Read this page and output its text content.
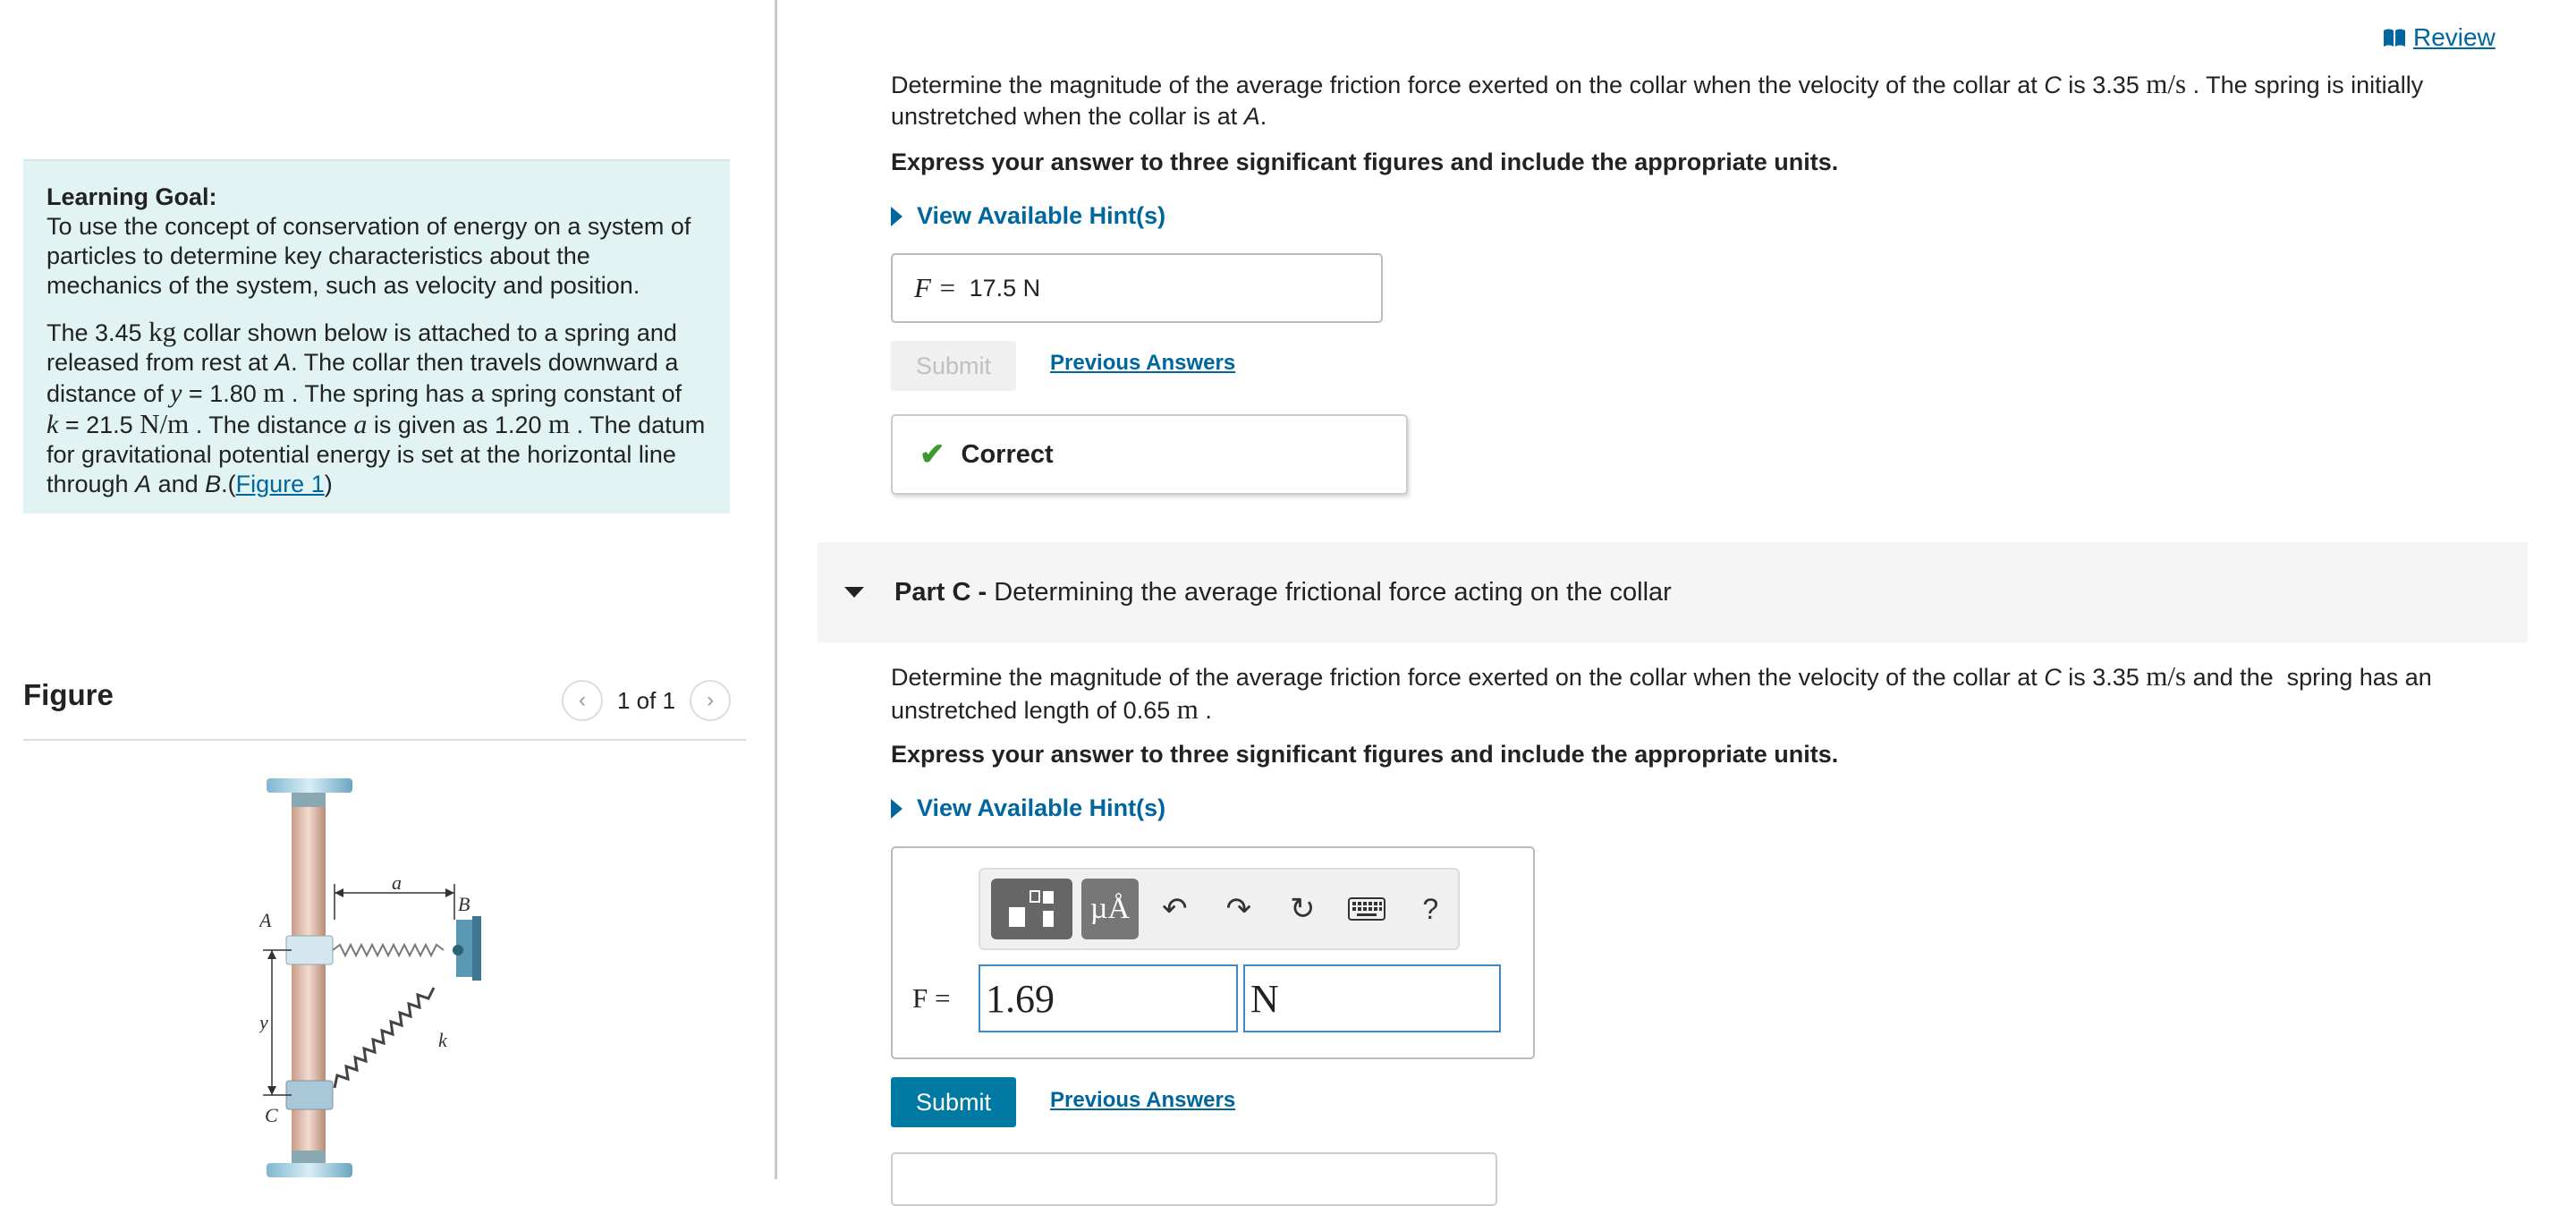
Learning Goal:
To use the concept of conservation of energy on a system of particles to determine key characteristics about the mechanics of the system, such as velocity and position.

The 3.45 kg collar shown below is attached to a spring and released from rest at A. The collar then travels downward a distance of y = 1.80 m . The spring has a spring constant of
k = 21.5 N/m . The distance a is given as 1.20 m . The datum for gravitational potential energy is set at the horizontal line through A and B.(Figure 1)

Figure	‹ 1 of 1 ›
a
B
A
y
k
C
Review
Determine the magnitude of the average friction force exerted on the collar when the velocity of the collar at C is 3.35 m/s . The spring is initially unstretched when the collar is at A.
Express your answer to three significant figures and include the appropriate units.
View Available Hint(s)
F = 17.5 N
Submit	Previous Answers
✔ Correct
Part C - Determining the average frictional force acting on the collar
Determine the magnitude of the average friction force exerted on the collar when the velocity of the collar at C is 3.35 m/s and the  spring has an unstretched length of 0.65 m .
Express your answer to three significant figures and include the appropriate units.
View Available Hint(s)
µÅ	↶	↷	↻	?
F = 1.69	N
Submit	Previous Answers
